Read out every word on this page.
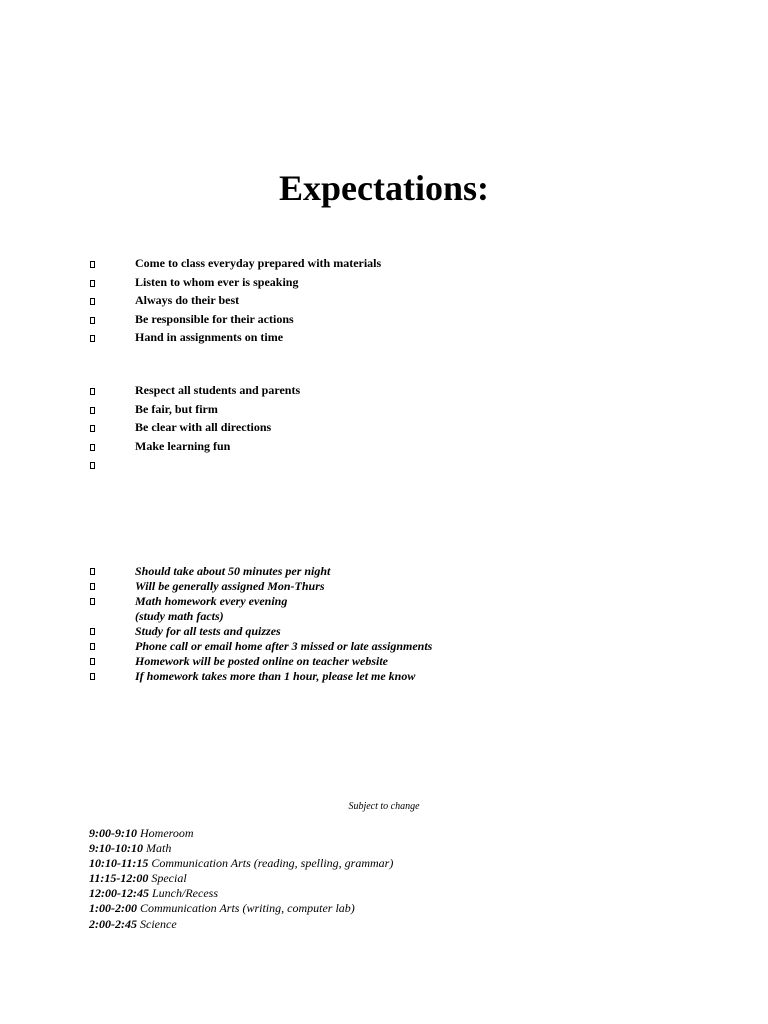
Expectations:
Come to class everyday prepared with materials
Listen to whom ever is speaking
Always do their best
Be responsible for their actions
Hand in assignments on time
Respect all students and parents
Be fair, but firm
Be clear with all directions
Make learning fun
Should take about 50 minutes per night
Will be generally assigned Mon-Thurs
Math homework every evening
(study math facts)
Study for all tests and quizzes
Phone call or email home after 3 missed or late assignments
Homework will be posted online on teacher website
If homework takes more than 1 hour, please let me know
Subject to change
9:00-9:10 Homeroom
9:10-10:10 Math
10:10-11:15 Communication Arts (reading, spelling, grammar)
11:15-12:00 Special
12:00-12:45 Lunch/Recess
1:00-2:00 Communication Arts (writing, computer lab)
2:00-2:45 Science
